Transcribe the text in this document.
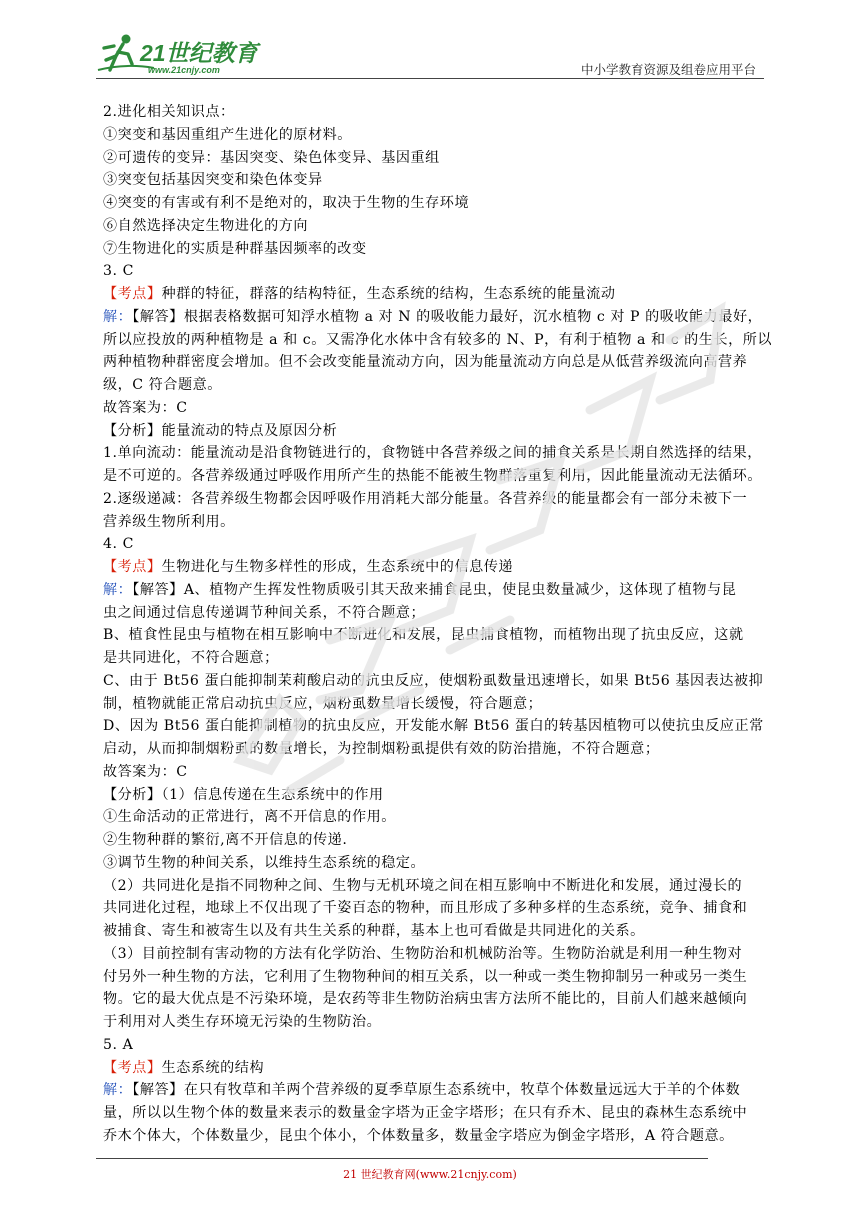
21世纪教育
www.21cnjy.com	中小学教育资源及组卷应用平台
2.进化相关知识点：
①突变和基因重组产生进化的原材料。
②可遗传的变异：基因突变、染色体变异、基因重组
③突变包括基因突变和染色体变异
④突变的有害或有利不是绝对的，取决于生物的生存环境
⑥自然选择决定生物进化的方向
⑦生物进化的实质是种群基因频率的改变
3. C
【考点】种群的特征，群落的结构特征，生态系统的结构，生态系统的能量流动
解：【解答】根据表格数据可知浮水植物 a 对 N 的吸收能力最好，沉水植物 c 对 P 的吸收能力最好，
所以应投放的两种植物是 a 和 c。又需净化水体中含有较多的 N、P，有利于植物 a 和 c 的生长，所以
两种植物种群密度会增加。但不会改变能量流动方向，因为能量流动方向总是从低营养级流向高营养
级，C 符合题意。
故答案为：C
【分析】能量流动的特点及原因分析
1.单向流动：能量流动是沿食物链进行的，食物链中各营养级之间的捕食关系是长期自然选择的结果，
是不可逆的。各营养级通过呼吸作用所产生的热能不能被生物群落重复利用，因此能量流动无法循环。
2.逐级递减：各营养级生物都会因呼吸作用消耗大部分能量。各营养级的能量都会有一部分未被下一
营养级生物所利用。
4. C
【考点】生物进化与生物多样性的形成，生态系统中的信息传递
解：【解答】A、植物产生挥发性物质吸引其天敌来捕食昆虫，使昆虫数量减少，这体现了植物与昆
虫之间通过信息传递调节种间关系，不符合题意；
B、植食性昆虫与植物在相互影响中不断进化和发展，昆虫捕食植物，而植物出现了抗虫反应，这就
是共同进化，不符合题意；
C、由于 Bt56 蛋白能抑制茉莉酸启动的抗虫反应，使烟粉虱数量迅速增长，如果 Bt56 基因表达被抑
制，植物就能正常启动抗虫反应，烟粉虱数量增长缓慢，符合题意；
D、因为 Bt56 蛋白能抑制植物的抗虫反应，开发能水解 Bt56 蛋白的转基因植物可以使抗虫反应正常
启动，从而抑制烟粉虱的数量增长，为控制烟粉虱提供有效的防治措施，不符合题意；
故答案为：C
【分析】（1）信息传递在生态系统中的作用
①生命活动的正常进行，离不开信息的作用。
②生物种群的繁衍,离不开信息的传递.
③调节生物的种间关系，以维持生态系统的稳定。
（2）共同进化是指不同物种之间、生物与无机环境之间在相互影响中不断进化和发展，通过漫长的
共同进化过程，地球上不仅出现了千姿百态的物种，而且形成了多种多样的生态系统，竞争、捕食和
被捕食、寄生和被寄生以及有共生关系的种群，基本上也可看做是共同进化的关系。
（3）目前控制有害动物的方法有化学防治、生物防治和机械防治等。生物防治就是利用一种生物对
付另外一种生物的方法，它利用了生物物种间的相互关系，以一种或一类生物抑制另一种或另一类生
物。它的最大优点是不污染环境，是农药等非生物防治病虫害方法所不能比的，目前人们越来越倾向
于利用对人类生存环境无污染的生物防治。
5. A
【考点】生态系统的结构
解：【解答】在只有牧草和羊两个营养级的夏季草原生态系统中，牧草个体数量远远大于羊的个体数
量，所以以生物个体的数量来表示的数量金字塔为正金字塔形；在只有乔木、昆虫的森林生态系统中
乔木个体大，个体数量少，昆虫个体小，个体数量多，数量金字塔应为倒金字塔形，A 符合题意。
21 世纪教育网(www.21cnjy.com)
